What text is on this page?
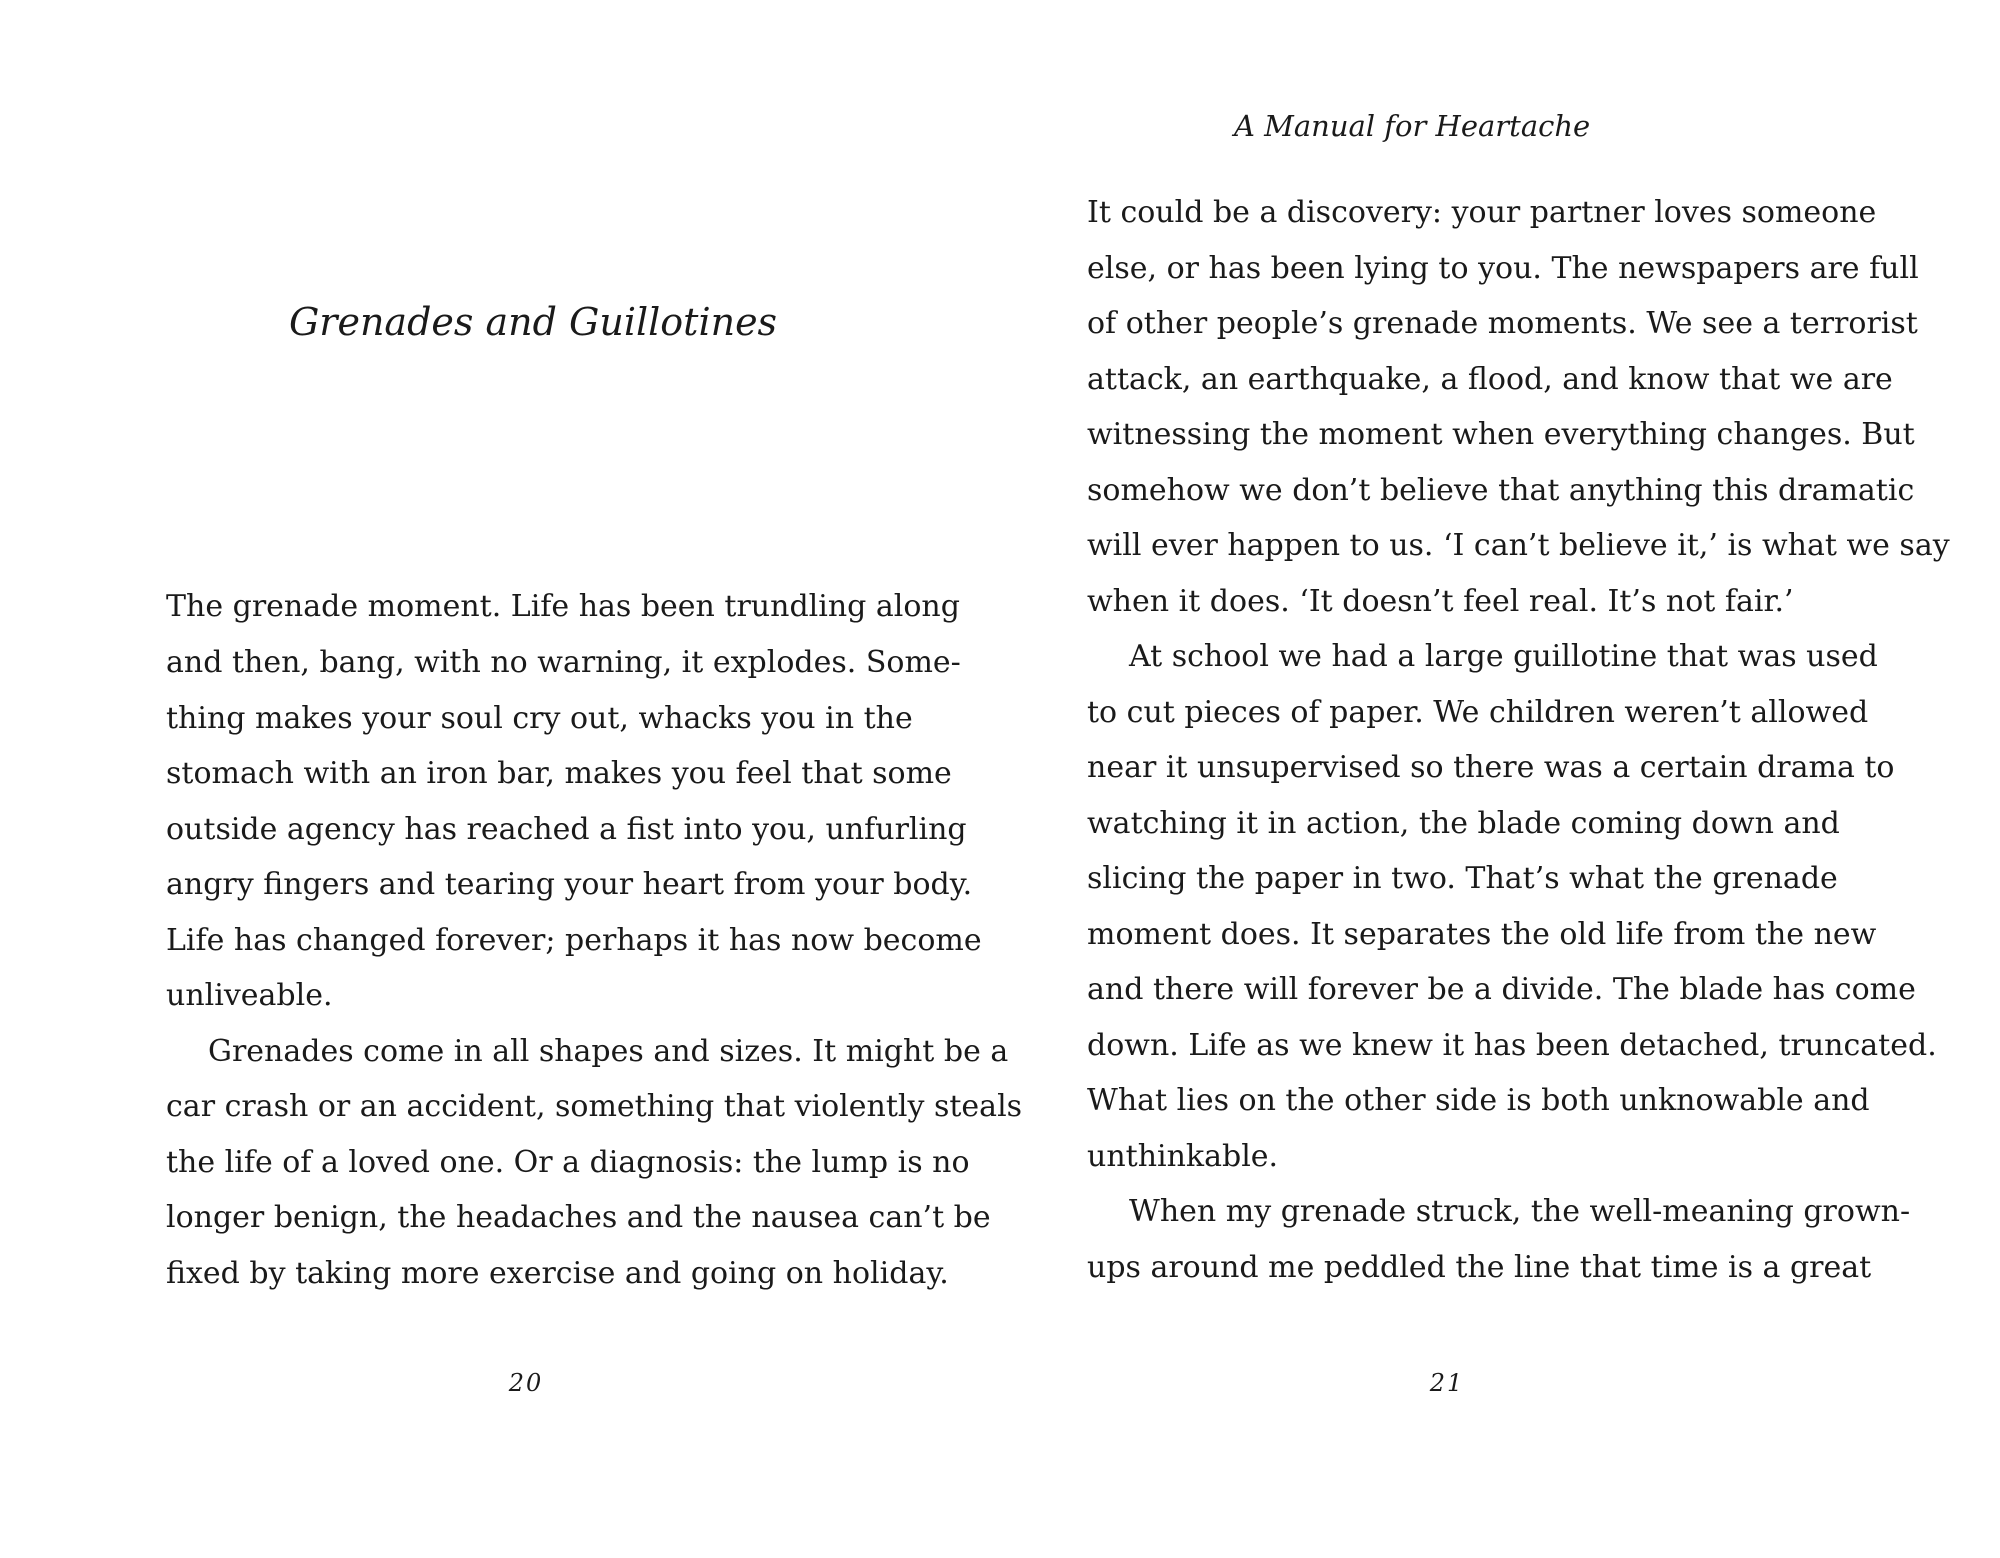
A Manual for Heartache
Grenades and Guillotines
The grenade moment. Life has been trundling along
and then, bang, with no warning, it explodes. Some-
thing makes your soul cry out, whacks you in the
stomach with an iron bar, makes you feel that some
outside agency has reached a fist into you, unfurling
angry fingers and tearing your heart from your body.
Life has changed forever; perhaps it has now become
unliveable.
Grenades come in all shapes and sizes. It might be a
car crash or an accident, something that violently steals
the life of a loved one. Or a diagnosis: the lump is no
longer benign, the headaches and the nausea can’t be
fixed by taking more exercise and going on holiday.
20
It could be a discovery: your partner loves someone
else, or has been lying to you. The newspapers are full
of other people’s grenade moments. We see a terrorist
attack, an earthquake, a flood, and know that we are
witnessing the moment when everything changes. But
somehow we don’t believe that anything this dramatic
will ever happen to us. ‘I can’t believe it,’ is what we say
when it does. ‘It doesn’t feel real. It’s not fair.’
At school we had a large guillotine that was used
to cut pieces of paper. We children weren’t allowed
near it unsupervised so there was a certain drama to
watching it in action, the blade coming down and
slicing the paper in two. That’s what the grenade
moment does. It separates the old life from the new
and there will forever be a divide. The blade has come
down. Life as we knew it has been detached, truncated.
What lies on the other side is both unknowable and
unthinkable.
When my grenade struck, the well-meaning grown-
ups around me peddled the line that time is a great
21
